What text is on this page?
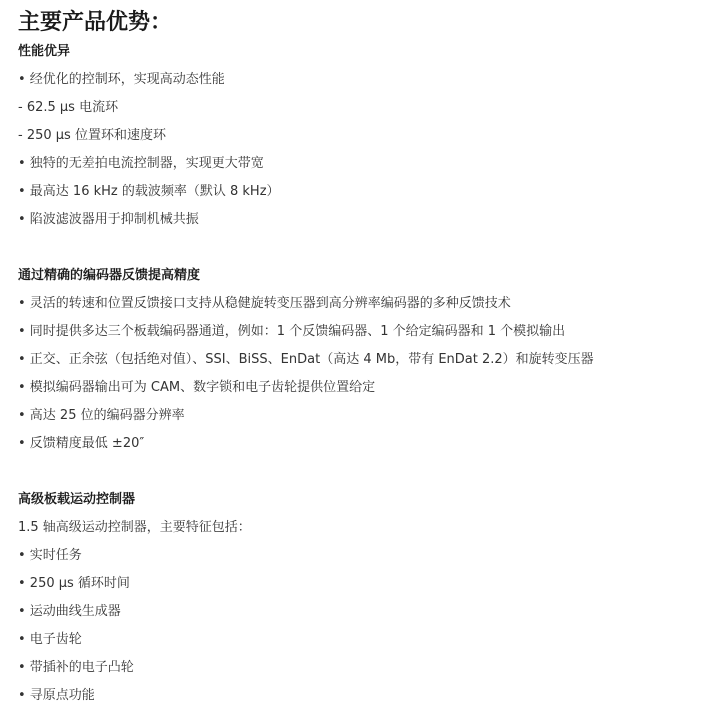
主要产品优势：
性能优异
• 经优化的控制环，实现高动态性能
- 62.5 μs 电流环
- 250 μs 位置环和速度环
• 独特的无差拍电流控制器，实现更大带宽
• 最高达 16 kHz 的载波频率（默认 8 kHz）
• 陷波滤波器用于抑制机械共振
通过精确的编码器反馈提高精度
• 灵活的转速和位置反馈接口支持从稳健旋转变压器到高分辨率编码器的多种反馈技术
• 同时提供多达三个板载编码器通道，例如：1 个反馈编码器、1 个给定编码器和 1 个模拟输出
• 正交、正余弦（包括绝对值）、SSI、BiSS、EnDat（高达 4 Mb，带有 EnDat 2.2）和旋转变压器
• 模拟编码器输出可为 CAM、数字锁和电子齿轮提供位置给定
• 高达 25 位的编码器分辨率
• 反馈精度最低 ±20″
高级板载运动控制器
1.5 轴高级运动控制器，主要特征包括：
• 实时任务
• 250 μs 循环时间
• 运动曲线生成器
• 电子齿轮
• 带插补的电子凸轮
• 寻原点功能
